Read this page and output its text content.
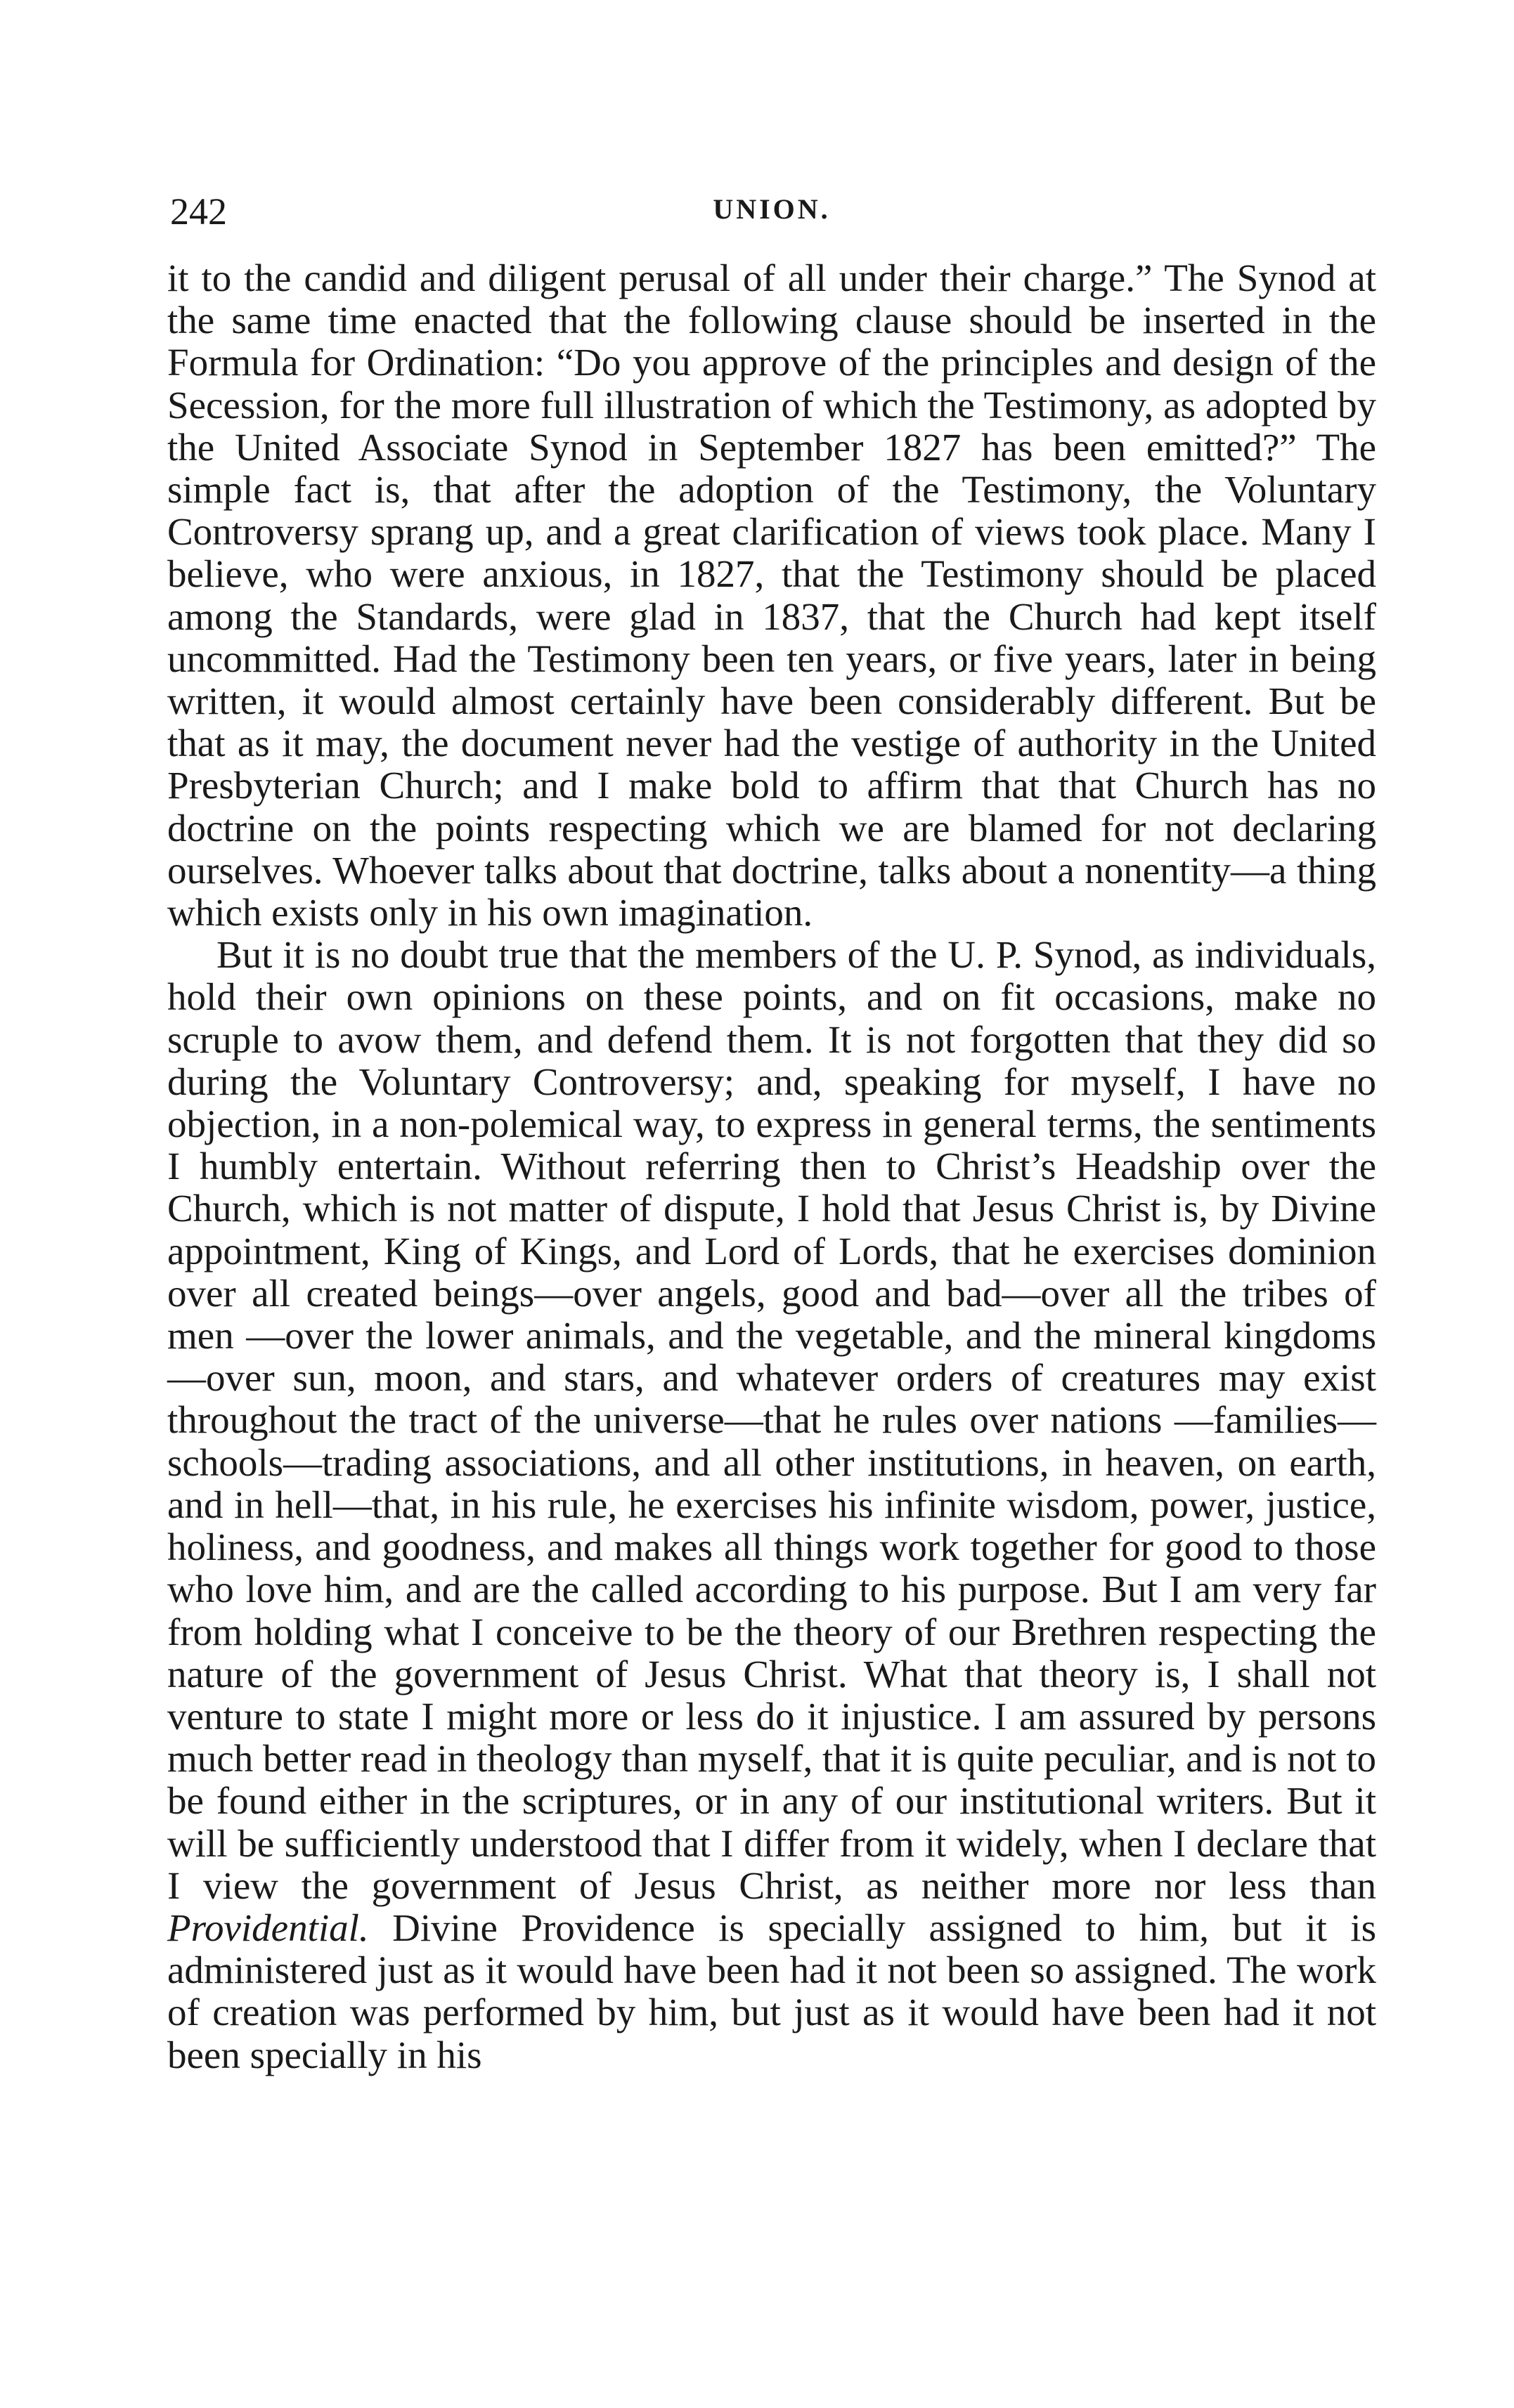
242	UNION.

it to the candid and diligent perusal of all under their charge.” The Synod at the same time enacted that the following clause should be inserted in the Formula for Ordination: “Do you approve of the principles and design of the Secession, for the more full illustration of which the Testimony, as adopted by the United Associate Synod in September 1827 has been emitted?” The simple fact is, that after the adoption of the Testimony, the Voluntary Controversy sprang up, and a great clarification of views took place. Many I believe, who were anxious, in 1827, that the Testimony should be placed among the Standards, were glad in 1837, that the Church had kept itself uncommitted. Had the Testimony been ten years, or five years, later in being written, it would almost certainly have been considerably different. But be that as it may, the document never had the vestige of authority in the United Presbyterian Church; and I make bold to affirm that that Church has no doctrine on the points respecting which we are blamed for not declaring ourselves. Whoever talks about that doctrine, talks about a nonentity—a thing which exists only in his own imagination.

But it is no doubt true that the members of the U. P. Synod, as individuals, hold their own opinions on these points, and on fit occasions, make no scruple to avow them, and defend them. It is not forgotten that they did so during the Voluntary Controversy; and, speaking for myself, I have no objection, in a non-polemical way, to express in general terms, the sentiments I humbly entertain. Without referring then to Christ’s Headship over the Church, which is not matter of dispute, I hold that Jesus Christ is, by Divine appointment, King of Kings, and Lord of Lords, that he exercises dominion over all created beings—over angels, good and bad—over all the tribes of men —over the lower animals, and the vegetable, and the mineral kingdoms —over sun, moon, and stars, and whatever orders of creatures may exist throughout the tract of the universe—that he rules over nations —families—schools—trading associations, and all other institutions, in heaven, on earth, and in hell—that, in his rule, he exercises his infinite wisdom, power, justice, holiness, and goodness, and makes all things work together for good to those who love him, and are the called according to his purpose. But I am very far from holding what I conceive to be the theory of our Brethren respecting the nature of the government of Jesus Christ. What that theory is, I shall not venture to state I might more or less do it injustice. I am assured by persons much better read in theology than myself, that it is quite peculiar, and is not to be found either in the scriptures, or in any of our institutional writers. But it will be sufficiently understood that I differ from it widely, when I declare that I view the government of Jesus Christ, as neither more nor less than Providential. Divine Providence is specially assigned to him, but it is administered just as it would have been had it not been so assigned. The work of creation was performed by him, but just as it would have been had it not been specially in his
